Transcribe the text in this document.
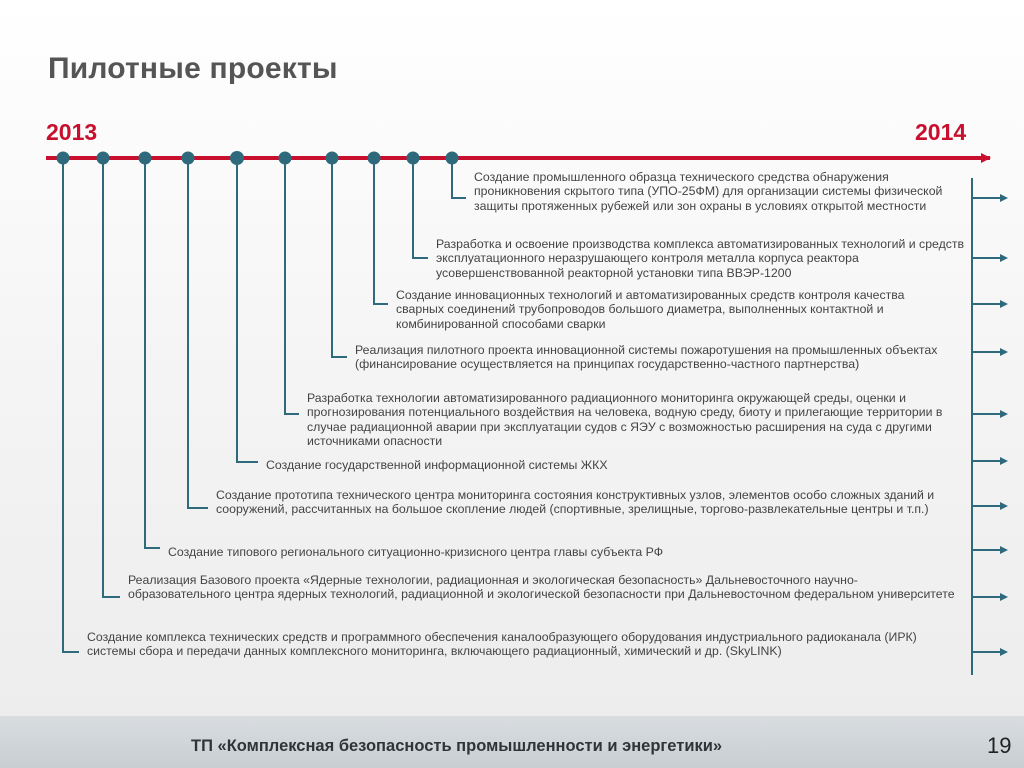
Пилотные проекты
2013	2014
Создание промышленного образца технического средства обнаружения проникновения скрытого типа (УПО-25ФМ) для организации системы физической защиты протяженных рубежей или зон охраны в условиях открытой местности
Разработка и освоение производства комплекса автоматизированных технологий и средств эксплуатационного неразрушающего контроля металла корпуса реактора усовершенствованной реакторной установки типа ВВЭР-1200
Создание инновационных технологий и автоматизированных средств контроля качества сварных соединений трубопроводов большого диаметра, выполненных контактной и комбинированной способами сварки
Реализация пилотного проекта инновационной системы пожаротушения на промышленных объектах (финансирование осуществляется на принципах государственно-частного партнерства)
Разработка технологии автоматизированного радиационного мониторинга окружающей среды, оценки и прогнозирования потенциального воздействия на человека, водную среду, биоту и прилегающие территории в случае радиационной аварии при эксплуатации судов с ЯЭУ с возможностью расширения на суда с другими источниками опасности
Создание государственной информационной системы ЖКХ
Создание прототипа технического центра мониторинга состояния конструктивных узлов, элементов особо сложных зданий и сооружений, рассчитанных на большое скопление людей (спортивные, зрелищные, торгово-развлекательные центры и т.п.)
Создание типового регионального ситуационно-кризисного центра главы субъекта РФ
Реализация Базового проекта «Ядерные технологии, радиационная и экологическая безопасность» Дальневосточного научно-образовательного центра ядерных технологий, радиационной и экологической безопасности при Дальневосточном федеральном университете
Создание комплекса технических средств и программного обеспечения каналообразующего оборудования индустриального радиоканала (ИРК) системы сбора и передачи данных комплексного мониторинга, включающего радиационный, химический и др. (SkyLINK)
ТП «Комплексная безопасность промышленности и энергетики»	19
